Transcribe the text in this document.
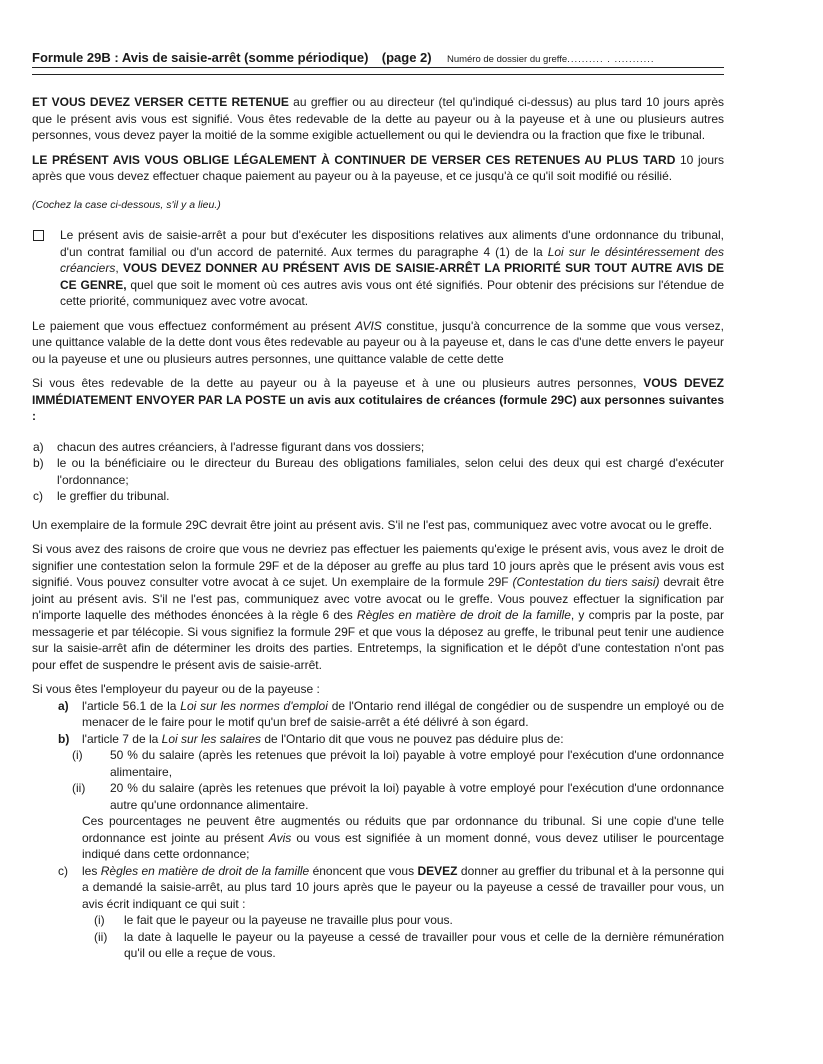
Formule 29B : Avis de saisie-arrêt (somme périodique) (page 2) Numéro de dossier du greffe.......... . ...........

ET VOUS DEVEZ VERSER CETTE RETENUE au greffier ou au directeur (tel qu'indiqué ci-dessus) au plus tard 10 jours après que le présent avis vous est signifié. Vous êtes redevable de la dette au payeur ou à la payeuse et à une ou plusieurs autres personnes, vous devez payer la moitié de la somme exigible actuellement ou qui le deviendra ou la fraction que fixe le tribunal.

LE PRÉSENT AVIS VOUS OBLIGE LÉGALEMENT À CONTINUER DE VERSER CES RETENUES AU PLUS TARD 10 jours après que vous devez effectuer chaque paiement au payeur ou à la payeuse, et ce jusqu'à ce qu'il soit modifié ou résilié.

(Cochez la case ci-dessous, s'il y a lieu.)

Le présent avis de saisie-arrêt a pour but d'exécuter les dispositions relatives aux aliments d'une ordonnance du tribunal, d'un contrat familial ou d'un accord de paternité. Aux termes du paragraphe 4 (1) de la Loi sur le désintéressement des créanciers, VOUS DEVEZ DONNER AU PRÉSENT AVIS DE SAISIE-ARRÊT LA PRIORITÉ SUR TOUT AUTRE AVIS DE CE GENRE, quel que soit le moment où ces autres avis vous ont été signifiés. Pour obtenir des précisions sur l'étendue de cette priorité, communiquez avec votre avocat.

Le paiement que vous effectuez conformément au présent AVIS constitue, jusqu'à concurrence de la somme que vous versez, une quittance valable de la dette dont vous êtes redevable au payeur ou à la payeuse et, dans le cas d'une dette envers le payeur ou la payeuse et une ou plusieurs autres personnes, une quittance valable de cette dette

Si vous êtes redevable de la dette au payeur ou à la payeuse et à une ou plusieurs autres personnes, VOUS DEVEZ IMMÉDIATEMENT ENVOYER PAR LA POSTE un avis aux cotitulaires de créances (formule 29C) aux personnes suivantes :

a)	chacun des autres créanciers, à l'adresse figurant dans vos dossiers;
b)	le ou la bénéficiaire ou le directeur du Bureau des obligations familiales, selon celui des deux qui est chargé d'exécuter l'ordonnance;
c)	le greffier du tribunal.

Un exemplaire de la formule 29C devrait être joint au présent avis. S'il ne l'est pas, communiquez avec votre avocat ou le greffe.

Si vous avez des raisons de croire que vous ne devriez pas effectuer les paiements qu'exige le présent avis, vous avez le droit de signifier une contestation selon la formule 29F et de la déposer au greffe au plus tard 10 jours après que le présent avis vous est signifié. Vous pouvez consulter votre avocat à ce sujet. Un exemplaire de la formule 29F (Contestation du tiers saisi) devrait être joint au présent avis. S'il ne l'est pas, communiquez avec votre avocat ou le greffe. Vous pouvez effectuer la signification par n'importe laquelle des méthodes énoncées à la règle 6 des Règles en matière de droit de la famille, y compris par la poste, par messagerie et par télécopie. Si vous signifiez la formule 29F et que vous la déposez au greffe, le tribunal peut tenir une audience sur la saisie-arrêt afin de déterminer les droits des parties. Entretemps, la signification et le dépôt d'une contestation n'ont pas pour effet de suspendre le présent avis de saisie-arrêt.

Si vous êtes l'employeur du payeur ou de la payeuse :

a)	l'article 56.1 de la Loi sur les normes d'emploi de l'Ontario rend illégal de congédier ou de suspendre un employé ou de menacer de le faire pour le motif qu'un bref de saisie-arrêt a été délivré à son égard.
b)	l'article 7 de la Loi sur les salaires de l'Ontario dit que vous ne pouvez pas déduire plus de:
(i)	50 % du salaire (après les retenues que prévoit la loi) payable à votre employé pour l'exécution d'une ordonnance alimentaire,
(ii)	20 % du salaire (après les retenues que prévoit la loi) payable à votre employé pour l'exécution d'une ordonnance autre qu'une ordonnance alimentaire.
Ces pourcentages ne peuvent être augmentés ou réduits que par ordonnance du tribunal. Si une copie d'une telle ordonnance est jointe au présent Avis ou vous est signifiée à un moment donné, vous devez utiliser le pourcentage indiqué dans cette ordonnance;
c)	les Règles en matière de droit de la famille énoncent que vous DEVEZ donner au greffier du tribunal et à la personne qui a demandé la saisie-arrêt, au plus tard 10 jours après que le payeur ou la payeuse a cessé de travailler pour vous, un avis écrit indiquant ce qui suit :
(i)	le fait que le payeur ou la payeuse ne travaille plus pour vous.
(ii)	la date à laquelle le payeur ou la payeuse a cessé de travailler pour vous et celle de la dernière rémunération qu'il ou elle a reçue de vous.
